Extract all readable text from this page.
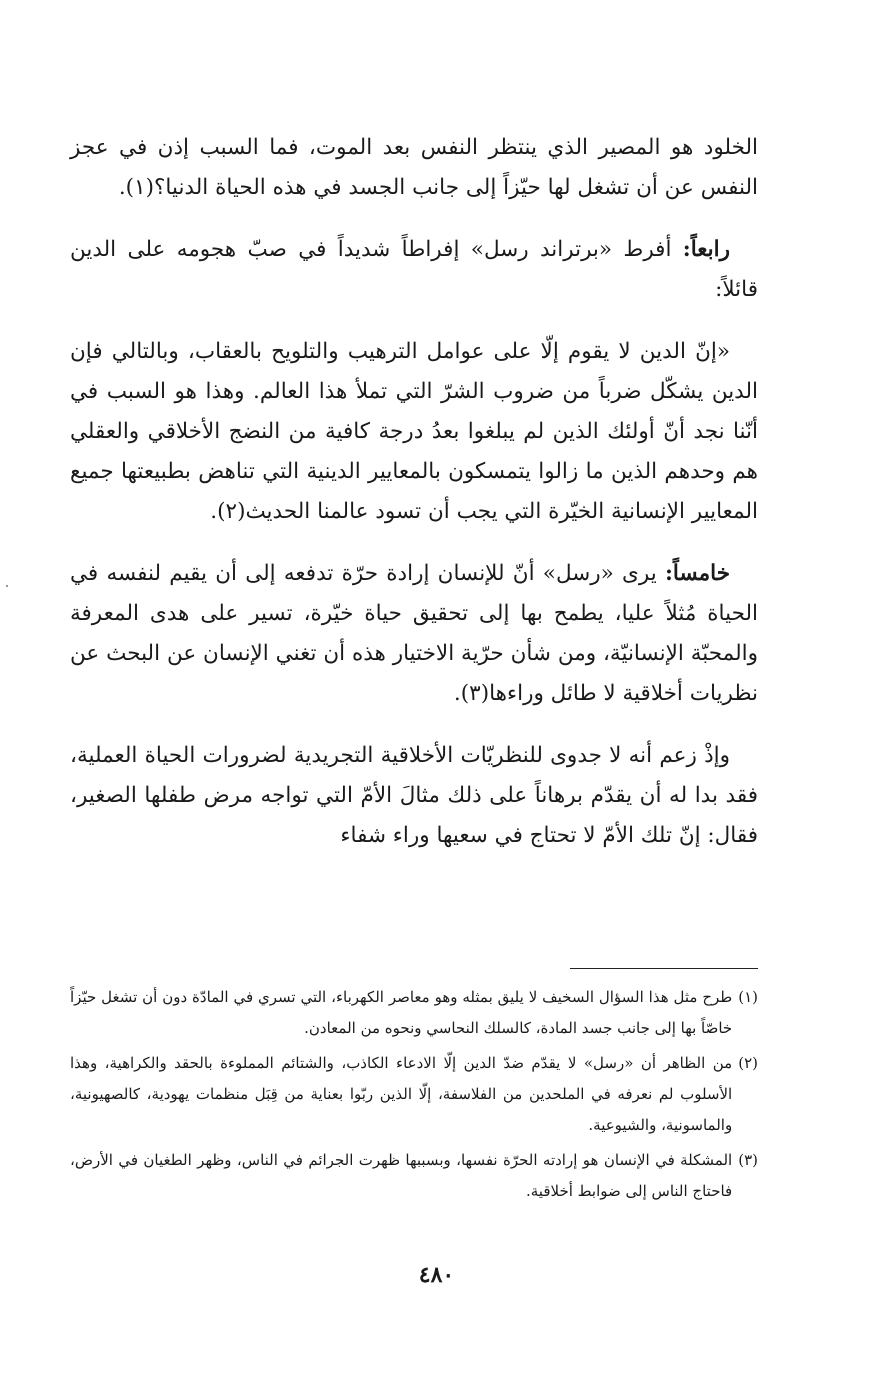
الخلود هو المصير الذي ينتظر النفس بعد الموت، فما السبب إذن في عجز النفس عن أن تشغل لها حيّزاً إلى جانب الجسد في هذه الحياة الدنيا؟(١).

رابعاً: أفرط «برتراند رسل» إفراطاً شديداً في صبّ هجومه على الدين قائلاً:

«إنّ الدين لا يقوم إلّا على عوامل الترهيب والتلويح بالعقاب، وبالتالي فإن الدين يشكّل ضرباً من ضروب الشرّ التي تملأ هذا العالم. وهذا هو السبب في أنّنا نجد أنّ أولئك الذين لم يبلغوا بعدُ درجة كافية من النضج الأخلاقي والعقلي هم وحدهم الذين ما زالوا يتمسكون بالمعايير الدينية التي تناهض بطبيعتها جميع المعايير الإنسانية الخيّرة التي يجب أن تسود عالمنا الحديث(٢).

خامساً: يرى «رسل» أنّ للإنسان إرادة حرّة تدفعه إلى أن يقيم لنفسه في الحياة مُثلاً عليا، يطمح بها إلى تحقيق حياة خيّرة، تسير على هدى المعرفة والمحبّة الإنسانيّة، ومن شأن حرّية الاختيار هذه أن تغني الإنسان عن البحث عن نظريات أخلاقية لا طائل وراءها(٣).

وإذْ زعم أنه لا جدوى للنظريّات الأخلاقية التجريدية لضرورات الحياة العملية، فقد بدا له أن يقدّم برهاناً على ذلك مثالَ الأمّ التي تواجه مرض طفلها الصغير، فقال: إنّ تلك الأمّ لا تحتاج في سعيها وراء شفاء

(١)
طرح مثل هذا السؤال السخيف لا يليق بمثله وهو معاصر الكهرباء، التي تسري في المادّة دون أن تشغل حيّزاً خاصّاً بها إلى جانب جسد المادة، كالسلك النحاسي ونحوه من المعادن.
(٢)
من الظاهر أن «رسل» لا يقدّم ضدّ الدين إلّا الادعاء الكاذب، والشتائم المملوءة بالحقد والكراهية، وهذا الأسلوب لم نعرفه في الملحدين من الفلاسفة، إلّا الذين ربّوا بعناية من قِبَل منظمات يهودية، كالصهيونية، والماسونية، والشيوعية.
(٣)
المشكلة في الإنسان هو إرادته الحرّة نفسها، وبسببها ظهرت الجرائم في الناس، وظهر الطغيان في الأرض، فاحتاج الناس إلى ضوابط أخلاقية.
٤٨٠
